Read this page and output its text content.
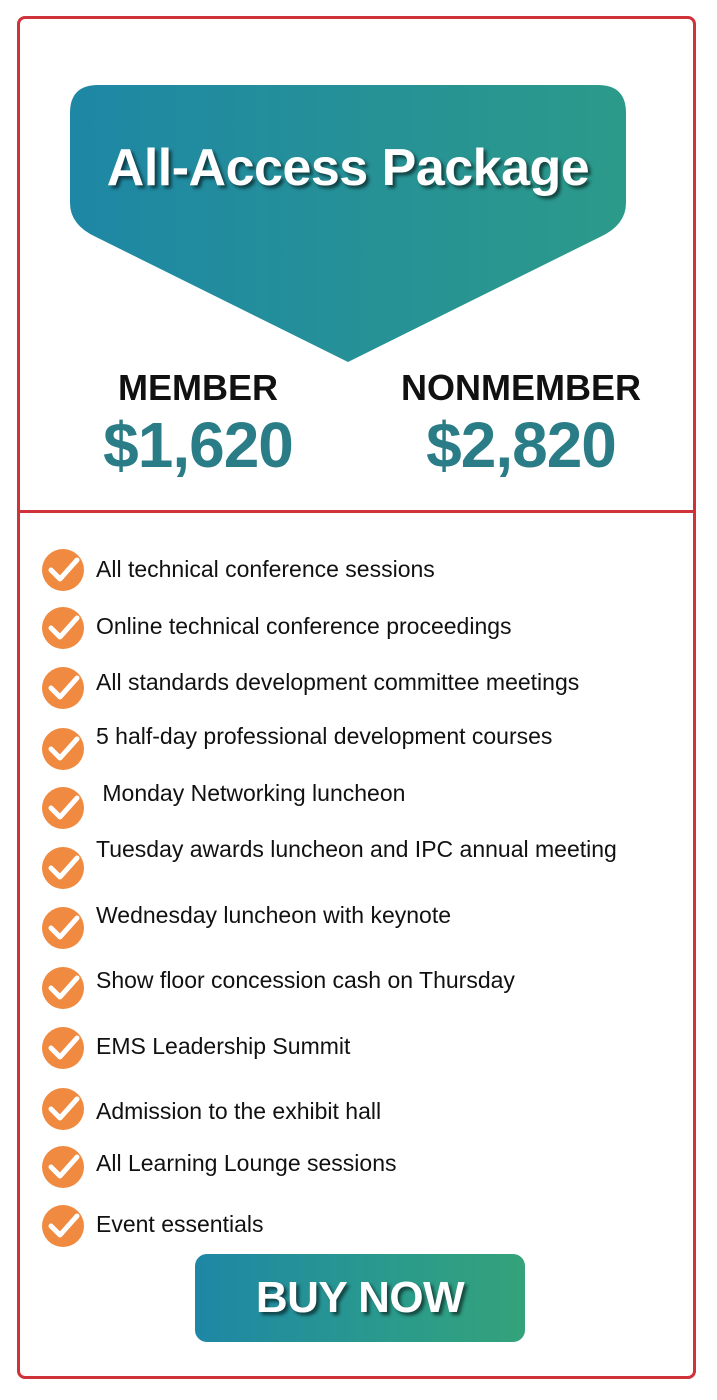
All-Access Package
MEMBER
$1,620
NONMEMBER
$2,820
All technical conference sessions
Online technical conference proceedings
All standards development committee meetings
5 half-day professional development courses
Monday Networking luncheon
Tuesday awards luncheon and IPC annual meeting
Wednesday luncheon with keynote
Show floor concession cash on Thursday
EMS Leadership Summit
Admission to the exhibit hall
All Learning Lounge sessions
Event essentials
BUY NOW
